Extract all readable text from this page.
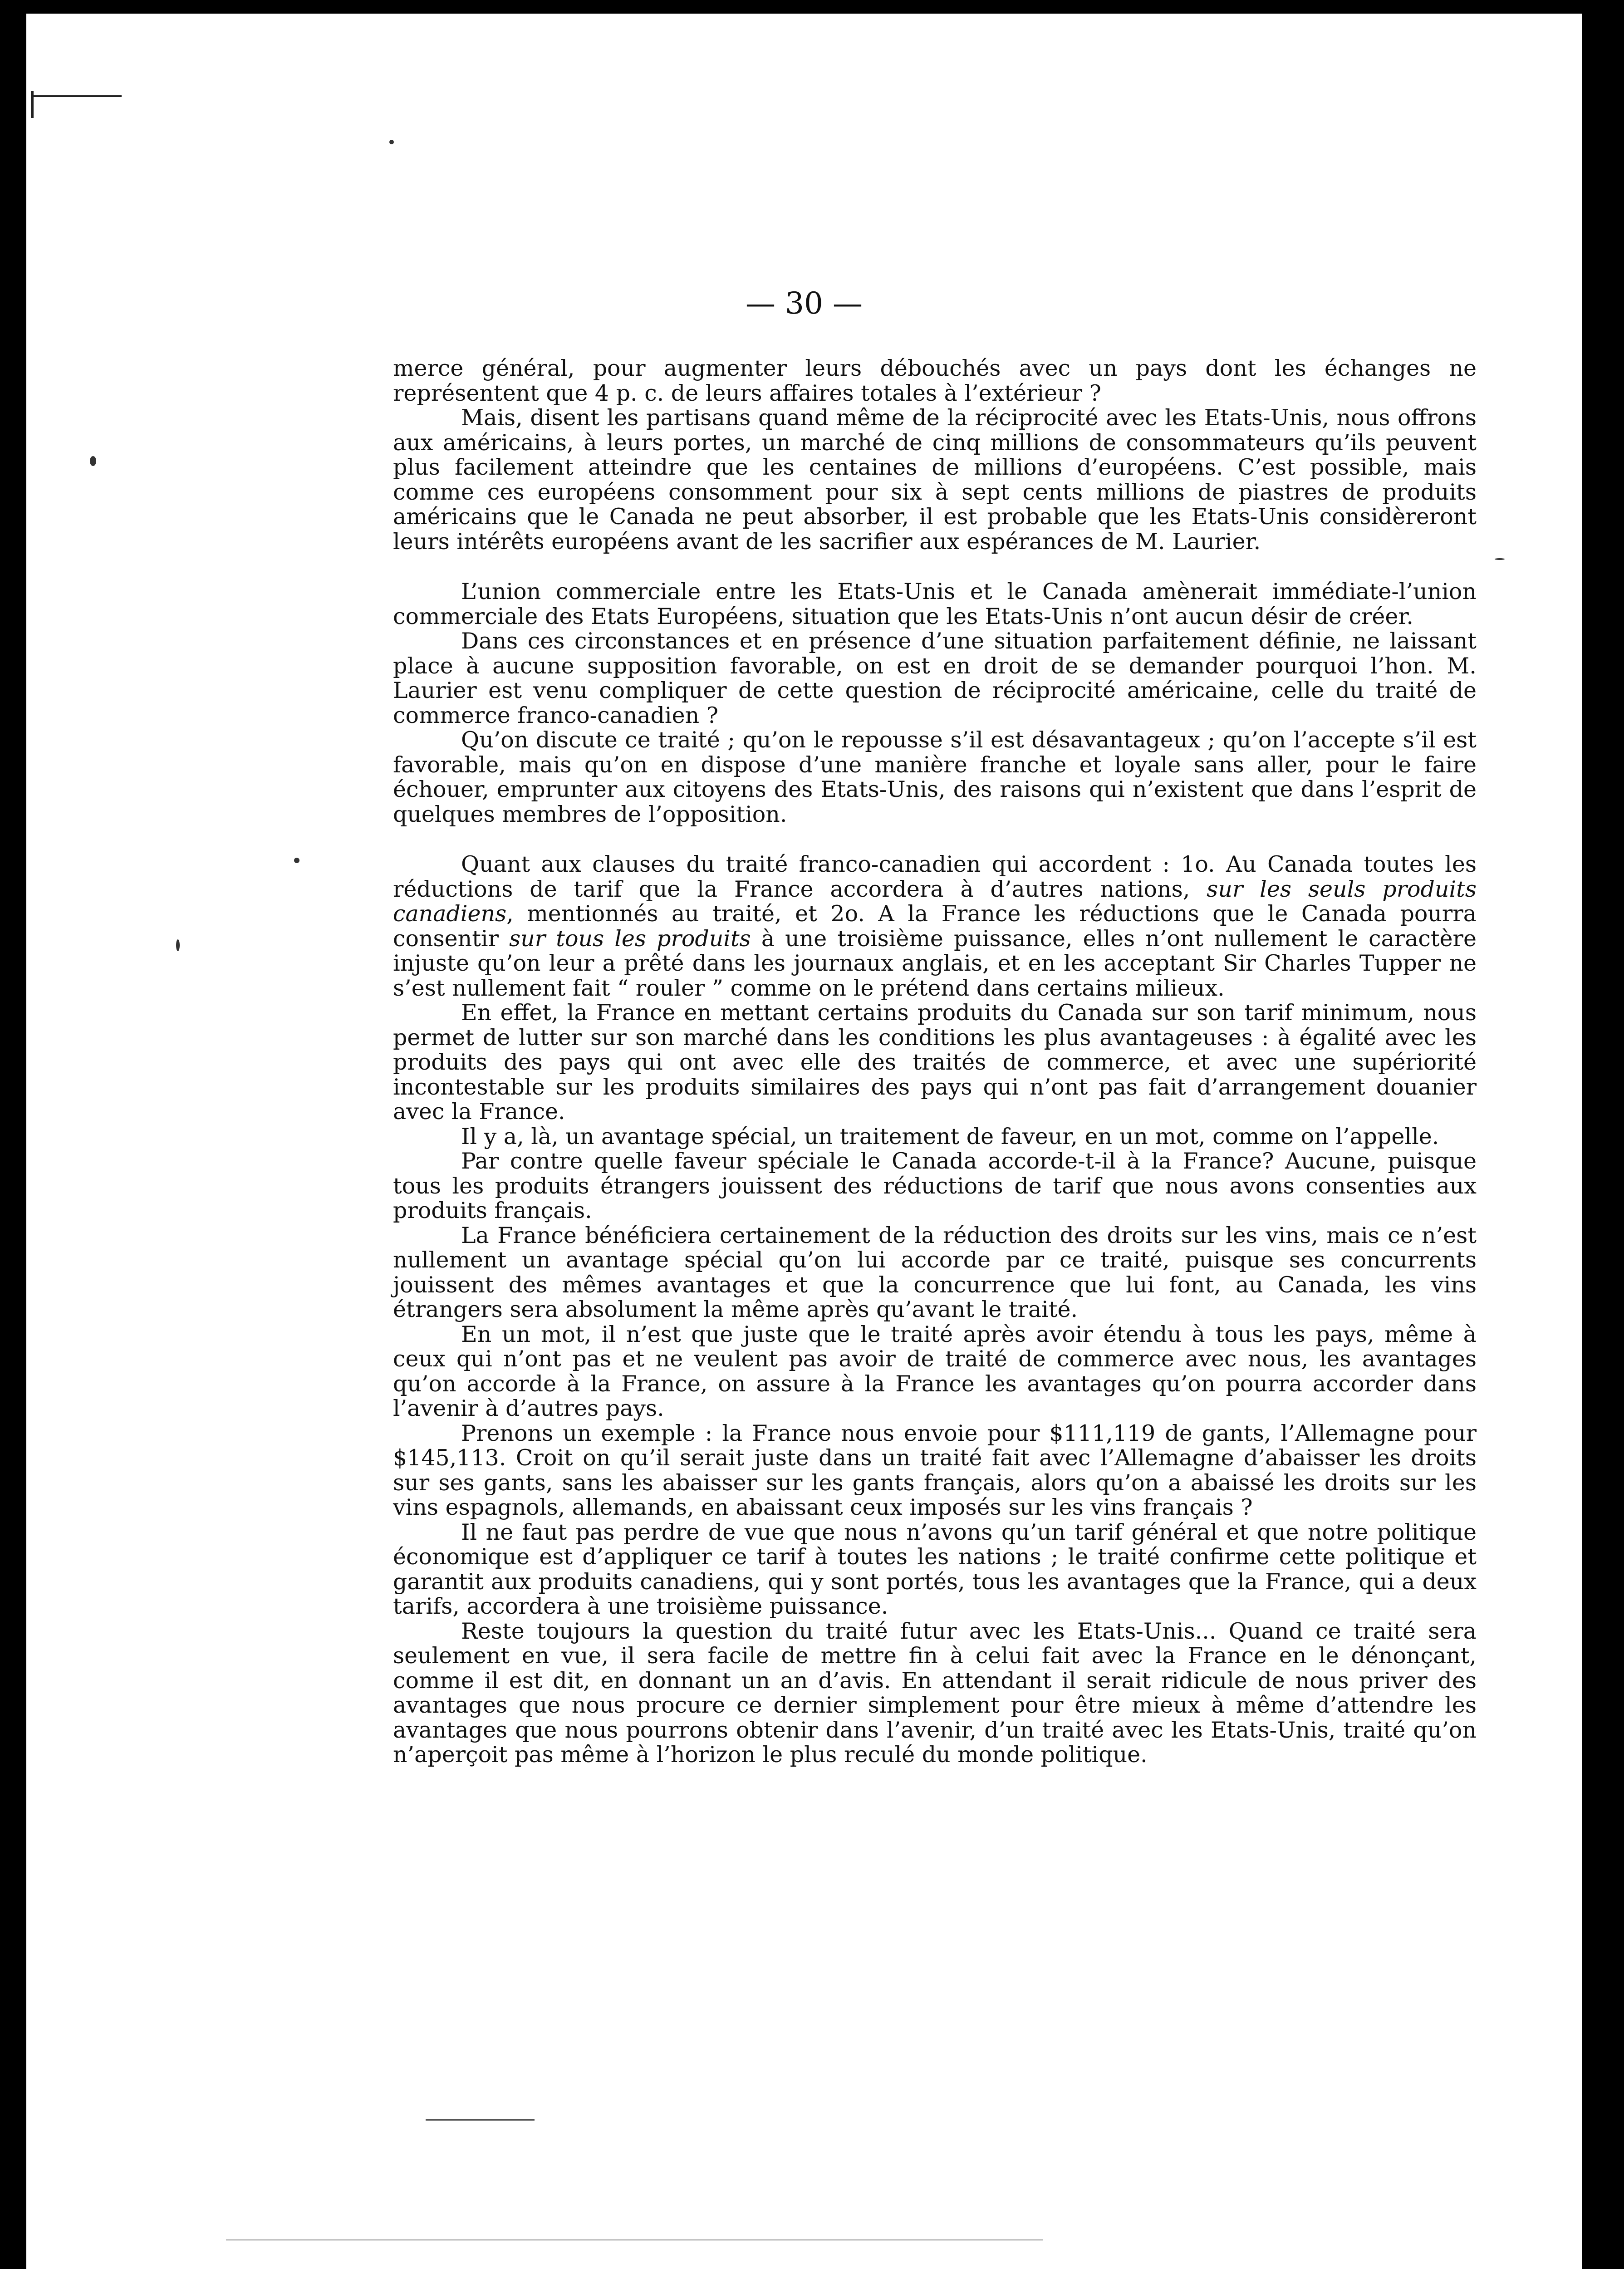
— 30 —

merce général, pour augmenter leurs débouchés avec un pays dont les échanges ne représentent que 4 p. c. de leurs affaires totales à l’extérieur ?

Mais, disent les partisans quand même de la réciprocité avec les Etats-Unis, nous offrons aux américains, à leurs portes, un marché de cinq millions de consommateurs qu’ils peuvent plus facilement atteindre que les centaines de millions d’européens. C’est possible, mais comme ces européens consomment pour six à sept cents millions de piastres de produits américains que le Canada ne peut absorber, il est probable que les Etats-Unis considèreront leurs intérêts européens avant de les sacrifier aux espérances de M. Laurier.

L’union commerciale entre les Etats-Unis et le Canada amènerait immédiate-l’union commerciale des Etats Européens, situation que les Etats-Unis n’ont aucun désir de créer.

Dans ces circonstances et en présence d’une situation parfaitement définie, ne laissant place à aucune supposition favorable, on est en droit de se demander pourquoi l’hon. M. Laurier est venu compliquer de cette question de réciprocité américaine, celle du traité de commerce franco-canadien ?

Qu’on discute ce traité ; qu’on le repousse s’il est désavantageux ; qu’on l’accepte s’il est favorable, mais qu’on en dispose d’une manière franche et loyale sans aller, pour le faire échouer, emprunter aux citoyens des Etats-Unis, des raisons qui n’existent que dans l’esprit de quelques membres de l’opposition.

Quant aux clauses du traité franco-canadien qui accordent : 1o. Au Canada toutes les réductions de tarif que la France accordera à d’autres nations, sur les seuls produits canadiens, mentionnés au traité, et 2o. A la France les réductions que le Canada pourra consentir sur tous les produits à une troisième puissance, elles n’ont nullement le caractère injuste qu’on leur a prêté dans les journaux anglais, et en les acceptant Sir Charles Tupper ne s’est nullement fait “ rouler ” comme on le prétend dans certains milieux.

En effet, la France en mettant certains produits du Canada sur son tarif minimum, nous permet de lutter sur son marché dans les conditions les plus avantageuses : à égalité avec les produits des pays qui ont avec elle des traités de commerce, et avec une supériorité incontestable sur les produits similaires des pays qui n’ont pas fait d’arrangement douanier avec la France.

Il y a, là, un avantage spécial, un traitement de faveur, en un mot, comme on l’appelle.

Par contre quelle faveur spéciale le Canada accorde-t-il à la France? Aucune, puisque tous les produits étrangers jouissent des réductions de tarif que nous avons consenties aux produits français.

La France bénéficiera certainement de la réduction des droits sur les vins, mais ce n’est nullement un avantage spécial qu’on lui accorde par ce traité, puisque ses concurrents jouissent des mêmes avantages et que la concurrence que lui font, au Canada, les vins étrangers sera absolument la même après qu’avant le traité.

En un mot, il n’est que juste que le traité après avoir étendu à tous les pays, même à ceux qui n’ont pas et ne veulent pas avoir de traité de commerce avec nous, les avantages qu’on accorde à la France, on assure à la France les avantages qu’on pourra accorder dans l’avenir à d’autres pays.

Prenons un exemple : la France nous envoie pour $111,119 de gants, l’Allemagne pour $145,113. Croit on qu’il serait juste dans un traité fait avec l’Allemagne d’abaisser les droits sur ses gants, sans les abaisser sur les gants français, alors qu’on a abaissé les droits sur les vins espagnols, allemands, en abaissant ceux imposés sur les vins français ?

Il ne faut pas perdre de vue que nous n’avons qu’un tarif général et que notre politique économique est d’appliquer ce tarif à toutes les nations ; le traité confirme cette politique et garantit aux produits canadiens, qui y sont portés, tous les avantages que la France, qui a deux tarifs, accordera à une troisième puissance.

Reste toujours la question du traité futur avec les Etats-Unis... Quand ce traité sera seulement en vue, il sera facile de mettre fin à celui fait avec la France en le dénonçant, comme il est dit, en donnant un an d’avis. En attendant il serait ridicule de nous priver des avantages que nous procure ce dernier simplement pour être mieux à même d’attendre les avantages que nous pourrons obtenir dans l’avenir, d’un traité avec les Etats-Unis, traité qu’on n’aperçoit pas même à l’horizon le plus reculé du monde politique.
